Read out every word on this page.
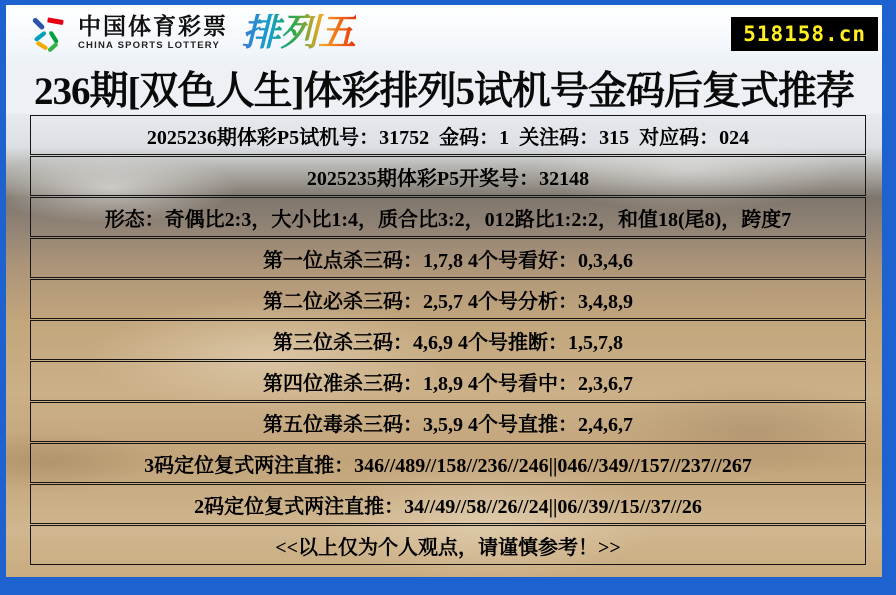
中国体育彩票
CHINA SPORTS LOTTERY 排列五	518158.cn
236期[双色人生]体彩排列5试机号金码后复式推荐
2025236期体彩P5试机号：31752  金码：1  关注码：315  对应码：024
2025235期体彩P5开奖号：32148
形态：奇偶比2:3，大小比1:4，质合比3:2，012路比1:2:2，和值18(尾8)，跨度7
第一位点杀三码：1,7,8 4个号看好：0,3,4,6
第二位必杀三码：2,5,7 4个号分析：3,4,8,9
第三位杀三码：4,6,9 4个号推断：1,5,7,8
第四位准杀三码：1,8,9 4个号看中：2,3,6,7
第五位毒杀三码：3,5,9 4个号直推：2,4,6,7
3码定位复式两注直推：346//489//158//236//246||046//349//157//237//267
2码定位复式两注直推：34//49//58//26//24||06//39//15//37//26
<<以上仅为个人观点，请谨慎参考！>>
